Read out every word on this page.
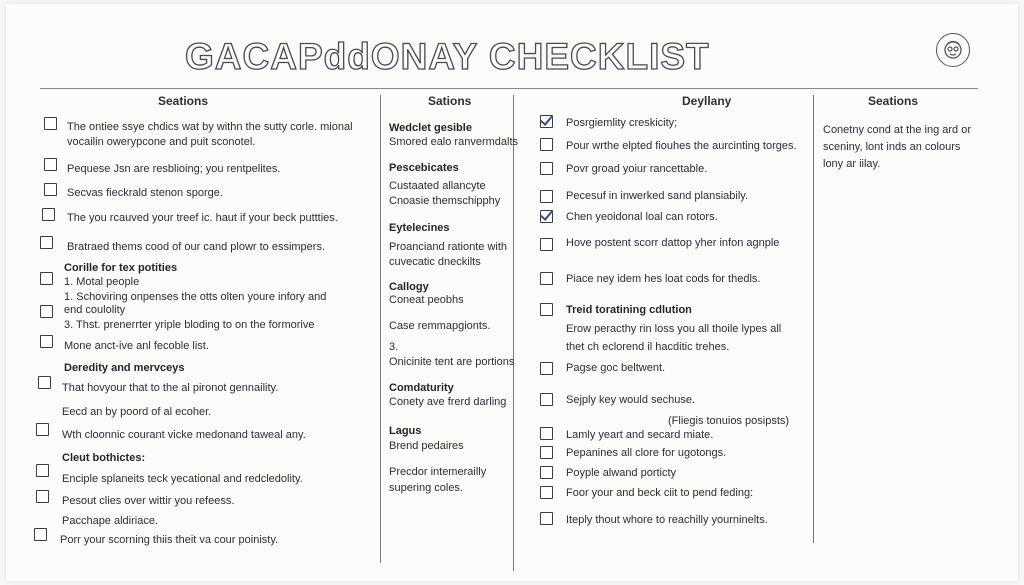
GACAPddONAY CHECKLIST
Seations
The ontiee ssye chdics wat by withn the sutty corle. mional
vocailin owerypcone and puit sconotel.
Pequese Jsn are resblioing; you rentpelites.
Secvas fieckrald stenon sporge.
The you rcauved your treef ic. haut if your beck puttties.
Bratraed thems cood of our cand plowr to essimpers.
Corille for tex potities
1. Motal people
1. Schoviring onpenses the otts olten youre infory and
end coulolity
3. Thst. prenerrter yriple bloding to on the formorive
Mone anct-ive anl fecoble list.
Deredity and mervceys
That hovyour that to the al pironot gennaility.
Eecd an by poord of al ecoher.
Wth cloonnic courant vicke medonand taweal any.
Cleut bothictes:
Enciple splaneits teck yecational and redcledolity.
Pesout clies over wittir you refeess.
Pacchape aldiriace.
Porr your scorning thiis theit va cour poinisty.
Sations
Wedclet gesible
Smored ealo ranvermdalts
Pescebicates
Custaated allancyte
Cnoasie themschipphy
Eytelecines
Proanciand rationte with
cuvecatic dneckilts
Callogy
Coneat peobhs
Case remmapgionts.
3.
Onicinite tent are portions
Comdaturity
Conety ave frerd darling
Lagus
Brend pedaires
Precdor intemerailly
supering coles.
Deyllany
Posrgiemlity creskicity;
Pour wrthe elpted fiouhes the aurcinting torges.
Povr groad yoiur rancettable.
Pecesuf in inwerked sand plansiabily.
Chen yeoidonal loal can rotors.
Hove postent scorr dattop yher infon agnple
Piace ney idem hes loat cods for thedls.
Treid toratining cdlution
Erow peracthy rin loss you all thoile lypes all
thet ch eclorend il hacditic trehes.
Pagse goc beltwent.
Sejply key would sechuse.
(Fliegis tonuios posipsts)
Lamly yeart and secard miate.
Pepanines all clore for ugotongs.
Poyple alwand porticty
Foor your and beck ciit to pend feding:
Iteply thout whore to reachilly yourninelts.
Seations
Conetny cond at the ing ard or
sceniny, lont inds an colours
lony ar iilay.
